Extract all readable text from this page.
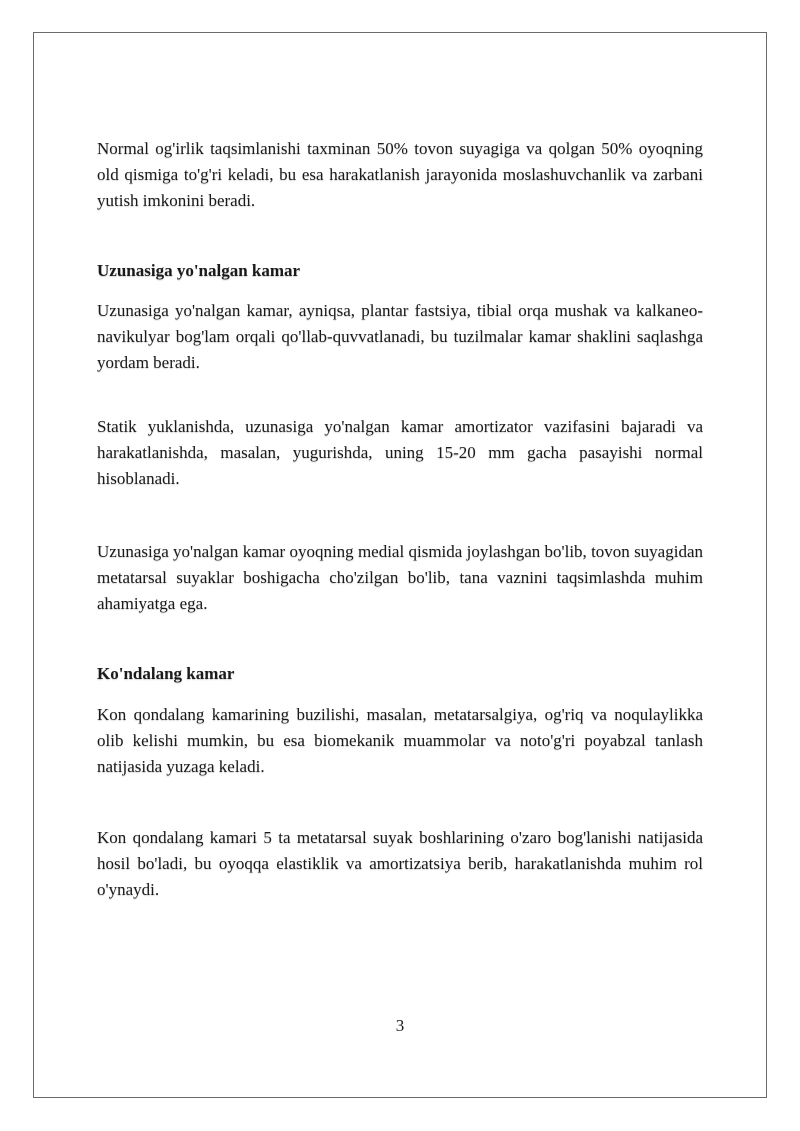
Normal og'irlik taqsimlanishi taxminan 50% tovon suyagiga va qolgan 50% oyoqning old qismiga to'g'ri keladi, bu esa harakatlanish jarayonida moslashuvchanlik va zarbani yutish imkonini beradi.

Uzunasiga yo'nalgan kamar

Uzunasiga yo'nalgan kamar, ayniqsa, plantar fastsiya, tibial orqa mushak va kalkaneo-navikulyar bog'lam orqali qo'llab-quvvatlanadi, bu tuzilmalar kamar shaklini saqlashga yordam beradi.

Statik yuklanishda, uzunasiga yo'nalgan kamar amortizator vazifasini bajaradi va harakatlanishda, masalan, yugurishda, uning 15-20 mm gacha pasayishi normal hisoblanadi.

Uzunasiga yo'nalgan kamar oyoqning medial qismida joylashgan bo'lib, tovon suyagidan metatarsal suyaklar boshigacha cho'zilgan bo'lib, tana vaznini taqsimlashda muhim ahamiyatga ega.

Ko'ndalang kamar

Kon qondalang kamarining buzilishi, masalan, metatarsalgiya, og'riq va noqulaylikka olib kelishi mumkin, bu esa biomekanik muammolar va noto'g'ri poyabzal tanlash natijasida yuzaga keladi.

Kon qondalang kamari 5 ta metatarsal suyak boshlarining o'zaro bog'lanishi natijasida hosil bo'ladi, bu oyoqqa elastiklik va amortizatsiya berib, harakatlanishda muhim rol o'ynaydi.

3
